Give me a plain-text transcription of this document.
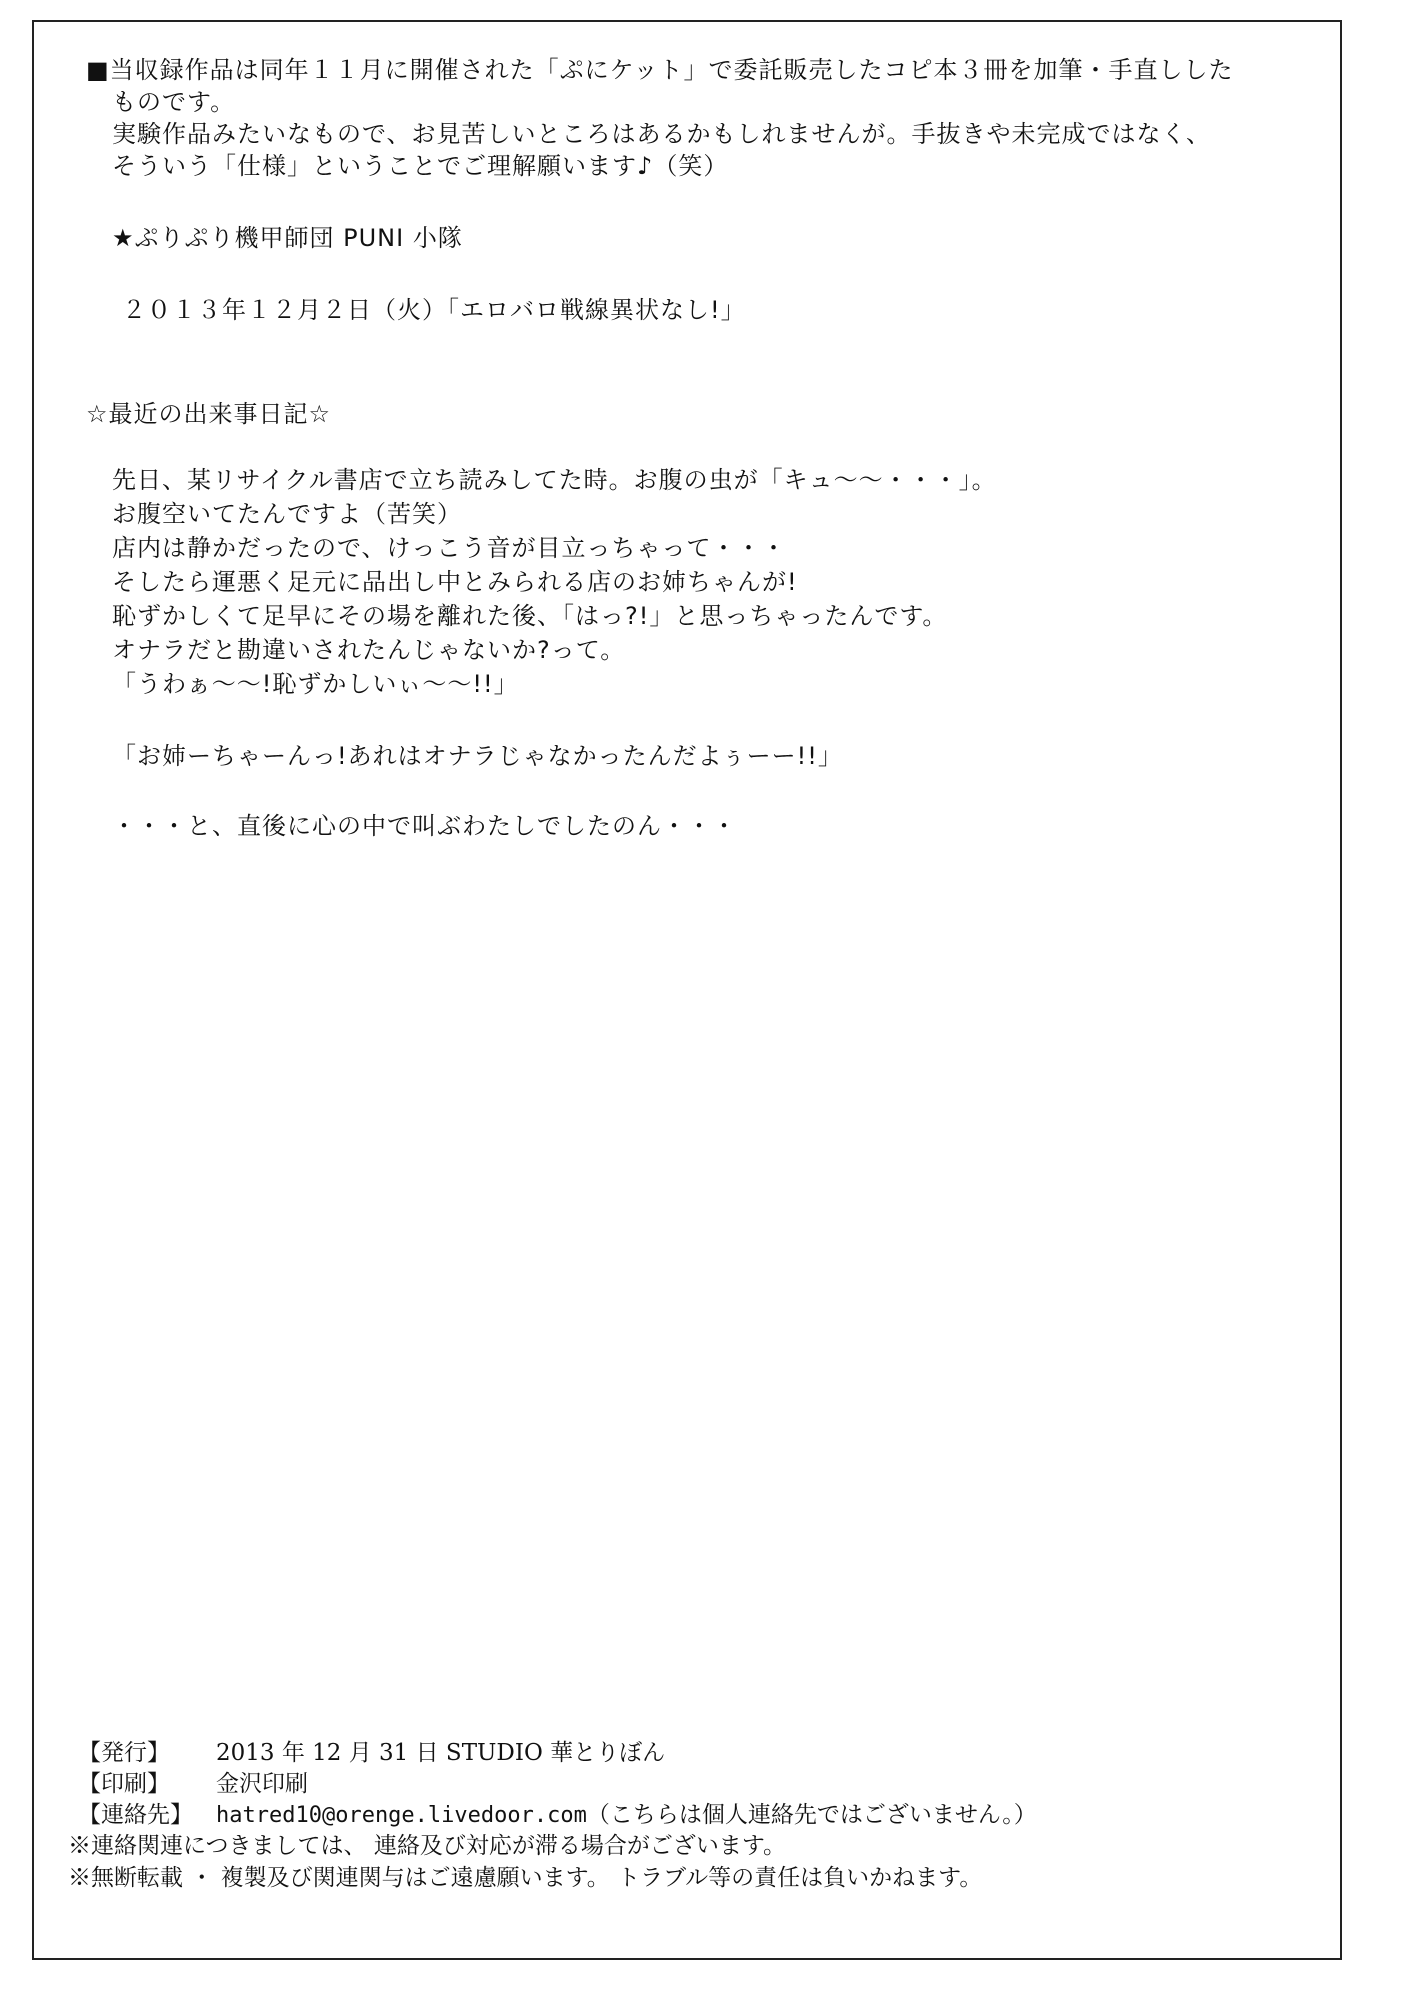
■当収録作品は同年１１月に開催された「ぷにケット」で委託販売したコピ本３冊を加筆・手直しした
ものです。
実験作品みたいなもので、お見苦しいところはあるかもしれませんが。手抜きや未完成ではなく、
そういう「仕様」ということでご理解願います♪（笑）
★ぷりぷり機甲師団 PUNI 小隊
２０１３年１２月２日（火）「エロバロ戦線異状なし!」
☆最近の出来事日記☆
先日、某リサイクル書店で立ち読みしてた時。お腹の虫が「キュ〜〜・・・」。
お腹空いてたんですよ（苦笑）
店内は静かだったので、けっこう音が目立っちゃって・・・
そしたら運悪く足元に品出し中とみられる店のお姉ちゃんが!
恥ずかしくて足早にその場を離れた後、「はっ?!」と思っちゃったんです。
オナラだと勘違いされたんじゃないか?って。
「うわぁ〜〜!恥ずかしいぃ〜〜!!」
「お姉ーちゃーんっ!あれはオナラじゃなかったんだよぅーー!!」
・・・と、直後に心の中で叫ぶわたしでしたのん・・・
【発行】 2013 年 12 月 31 日 STUDIO 華とりぼん
【印刷】 金沢印刷
【連絡先】 hatred10@orenge.livedoor.com（こちらは個人連絡先ではございません。）
※連絡関連につきましては、 連絡及び対応が滞る場合がございます。
※無断転載 ・ 複製及び関連関与はご遠慮願います。 トラブル等の責任は負いかねます。
